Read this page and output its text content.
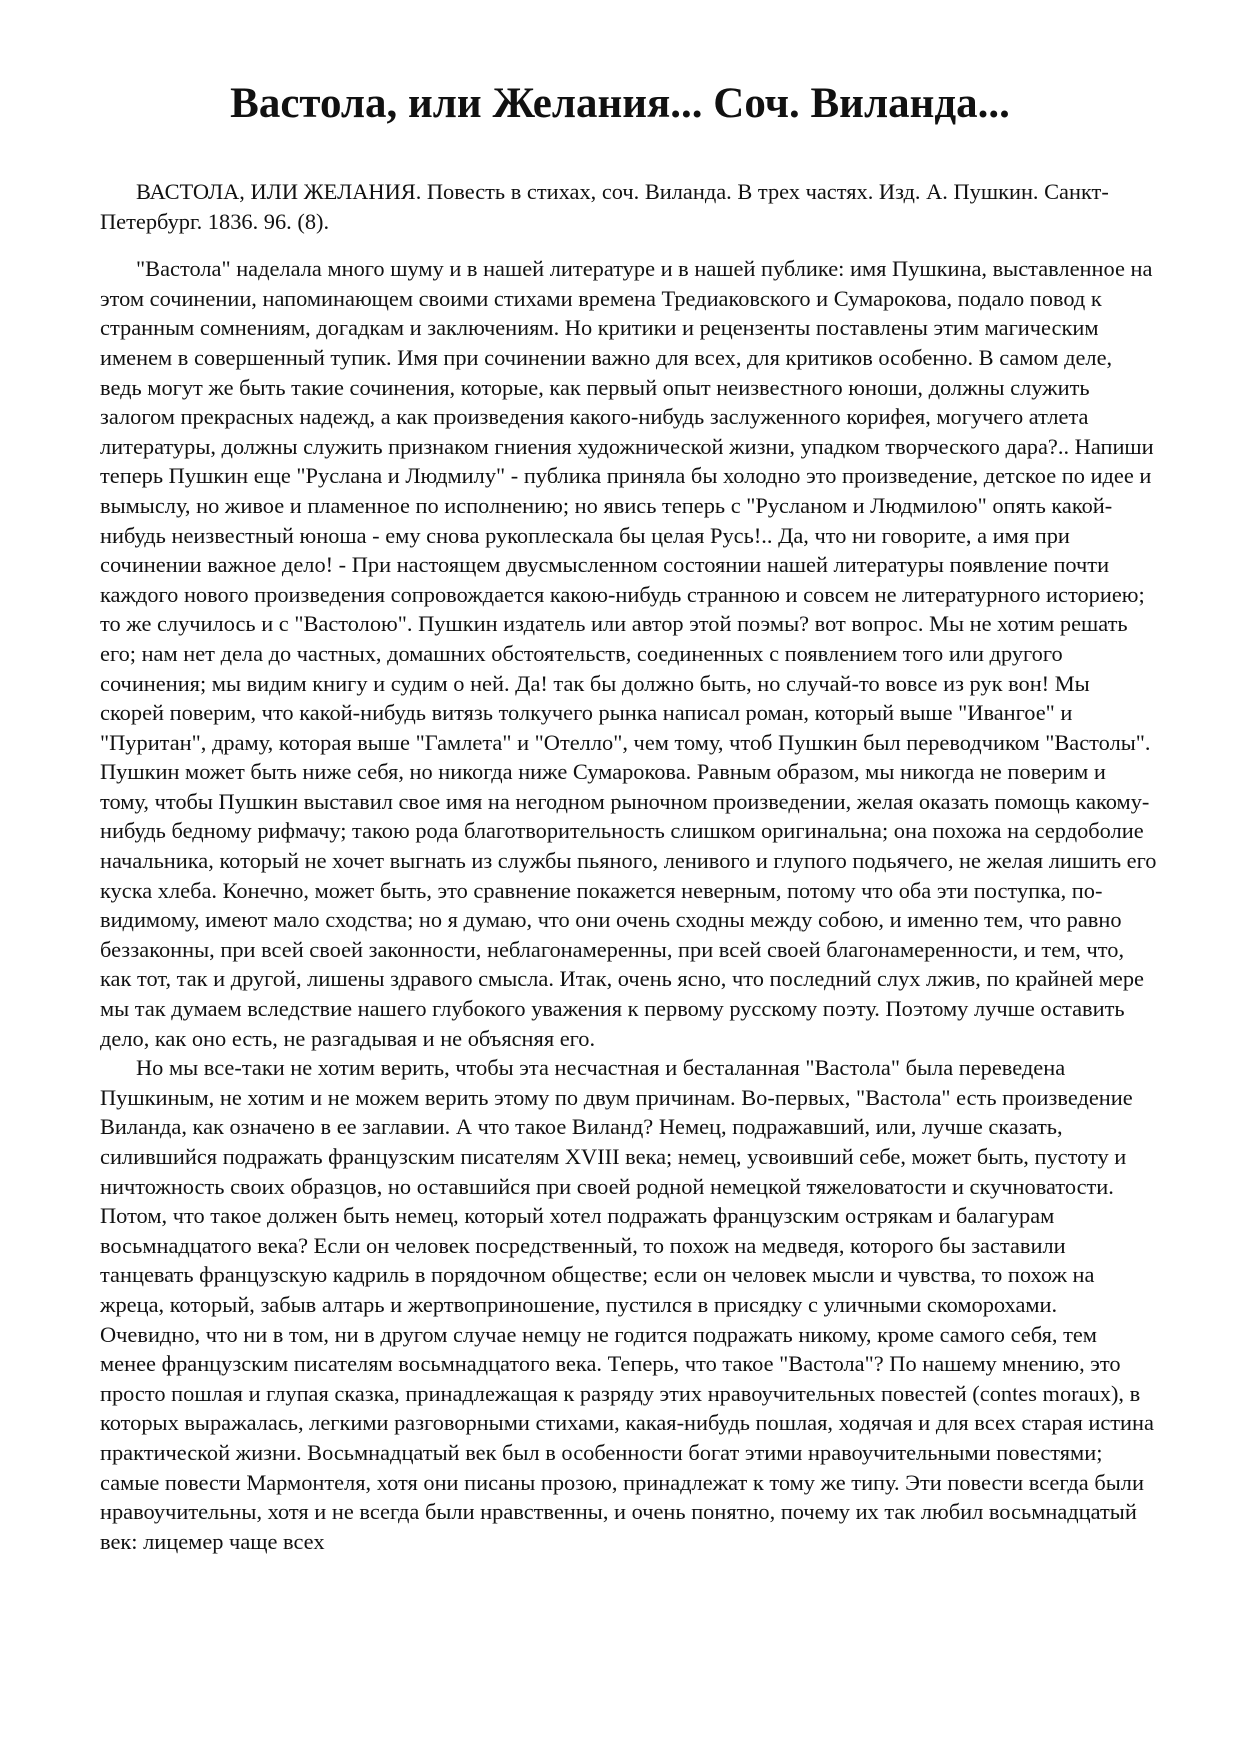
Вастола, или Желания... Соч. Виланда...

ВАСТОЛА, ИЛИ ЖЕЛАНИЯ. Повесть в стихах, соч. Виланда. В трех частях. Изд. А. Пушкин. Санкт-Петербург. 1836. 96. (8).

"Вастола" наделала много шуму и в нашей литературе и в нашей публике: имя Пушкина, выставленное на этом сочинении, напоминающем своими стихами времена Тредиаковского и Сумарокова, подало повод к странным сомнениям, догадкам и заключениям. Но критики и рецензенты поставлены этим магическим именем в совершенный тупик. Имя при сочинении важно для всех, для критиков особенно. В самом деле, ведь могут же быть такие сочинения, которые, как первый опыт неизвестного юноши, должны служить залогом прекрасных надежд, а как произведения какого-нибудь заслуженного корифея, могучего атлета литературы, должны служить признаком гниения художнической жизни, упадком творческого дара?.. Напиши теперь Пушкин еще "Руслана и Людмилу" - публика приняла бы холодно это произведение, детское по идее и вымыслу, но живое и пламенное по исполнению; но явись теперь с "Русланом и Людмилою" опять какой-нибудь неизвестный юноша - ему снова рукоплескала бы целая Русь!.. Да, что ни говорите, а имя при сочинении важное дело! - При настоящем двусмысленном состоянии нашей литературы появление почти каждого нового произведения сопровождается какою-нибудь странною и совсем не литературного историею; то же случилось и с "Вастолою". Пушкин издатель или автор этой поэмы? вот вопрос. Мы не хотим решать его; нам нет дела до частных, домашних обстоятельств, соединенных с появлением того или другого сочинения; мы видим книгу и судим о ней. Да! так бы должно быть, но случай-то вовсе из рук вон! Мы скорей поверим, что какой-нибудь витязь толкучего рынка написал роман, который выше "Ивангое" и "Пуритан", драму, которая выше "Гамлета" и "Отелло", чем тому, чтоб Пушкин был переводчиком "Вастолы". Пушкин может быть ниже себя, но никогда ниже Сумарокова. Равным образом, мы никогда не поверим и тому, чтобы Пушкин выставил свое имя на негодном рыночном произведении, желая оказать помощь какому-нибудь бедному рифмачу; такою рода благотворительность слишком оригинальна; она похожа на сердоболие начальника, который не хочет выгнать из службы пьяного, ленивого и глупого подьячего, не желая лишить его куска хлеба. Конечно, может быть, это сравнение покажется неверным, потому что оба эти поступка, по-видимому, имеют мало сходства; но я думаю, что они очень сходны между собою, и именно тем, что равно беззаконны, при всей своей законности, неблагонамеренны, при всей своей благонамеренности, и тем, что, как тот, так и другой, лишены здравого смысла. Итак, очень ясно, что последний слух лжив, по крайней мере мы так думаем вследствие нашего глубокого уважения к первому русскому поэту. Поэтому лучше оставить дело, как оно есть, не разгадывая и не объясняя его.

Но мы все-таки не хотим верить, чтобы эта несчастная и бесталанная "Вастола" была переведена Пушкиным, не хотим и не можем верить этому по двум причинам. Во-первых, "Вастола" есть произведение Виланда, как означено в ее заглавии. А что такое Виланд? Немец, подражавший, или, лучше сказать, силившийся подражать французским писателям XVIII века; немец, усвоивший себе, может быть, пустоту и ничтожность своих образцов, но оставшийся при своей родной немецкой тяжеловатости и скучноватости. Потом, что такое должен быть немец, который хотел подражать французским острякам и балагурам восьмнадцатого века? Если он человек посредственный, то похож на медведя, которого бы заставили танцевать французскую кадриль в порядочном обществе; если он человек мысли и чувства, то похож на жреца, который, забыв алтарь и жертвоприношение, пустился в присядку с уличными скоморохами. Очевидно, что ни в том, ни в другом случае немцу не годится подражать никому, кроме самого себя, тем менее французским писателям восьмнадцатого века. Теперь, что такое "Вастола"? По нашему мнению, это просто пошлая и глупая сказка, принадлежащая к разряду этих нравоучительных повестей (contes moraux), в которых выражалась, легкими разговорными стихами, какая-нибудь пошлая, ходячая и для всех старая истина практической жизни. Восьмнадцатый век был в особенности богат этими нравоучительными повестями; самые повести Мармонтеля, хотя они писаны прозою, принадлежат к тому же типу. Эти повести всегда были нравоучительны, хотя и не всегда были нравственны, и очень понятно, почему их так любил восьмнадцатый век: лицемер чаще всех
